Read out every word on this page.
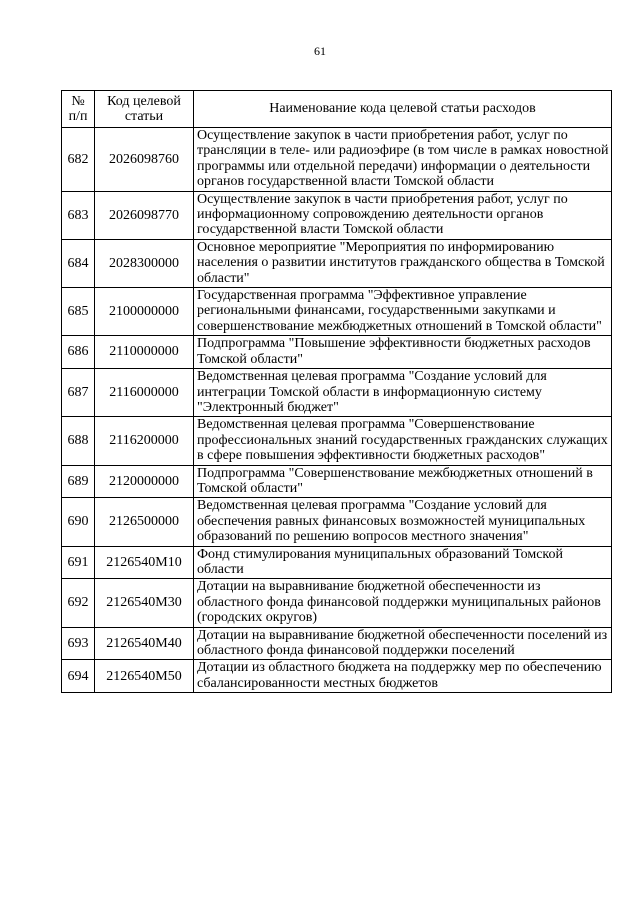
61
№ п/п	Код целевой статьи	Наименование кода целевой статьи расходов
682	2026098760	Осуществление закупок в части приобретения работ, услуг по трансляции в теле- или радиоэфире (в том числе в рамках новостной программы или отдельной передачи) информации о деятельности органов государственной власти Томской области
683	2026098770	Осуществление закупок в части приобретения работ, услуг по информационному сопровождению деятельности органов государственной власти Томской области
684	2028300000	Основное мероприятие "Мероприятия по информированию населения о развитии институтов гражданского общества в Томской области"
685	2100000000	Государственная программа "Эффективное управление региональными финансами, государственными закупками и совершенствование межбюджетных отношений в Томской области"
686	2110000000	Подпрограмма "Повышение эффективности бюджетных расходов Томской области"
687	2116000000	Ведомственная целевая программа "Создание условий для интеграции Томской области в информационную систему "Электронный бюджет"
688	2116200000	Ведомственная целевая программа "Совершенствование профессиональных знаний государственных гражданских служащих в сфере повышения эффективности бюджетных расходов"
689	2120000000	Подпрограмма "Совершенствование межбюджетных отношений в Томской области"
690	2126500000	Ведомственная целевая программа "Создание условий для обеспечения равных финансовых возможностей муниципальных образований по решению вопросов местного значения"
691	2126540М10	Фонд стимулирования муниципальных образований Томской области
692	2126540М30	Дотации на выравнивание бюджетной обеспеченности из областного фонда финансовой поддержки муниципальных районов (городских округов)
693	2126540М40	Дотации на выравнивание бюджетной обеспеченности поселений из областного фонда финансовой поддержки поселений
694	2126540М50	Дотации из областного бюджета на поддержку мер по обеспечению сбалансированности местных бюджетов
